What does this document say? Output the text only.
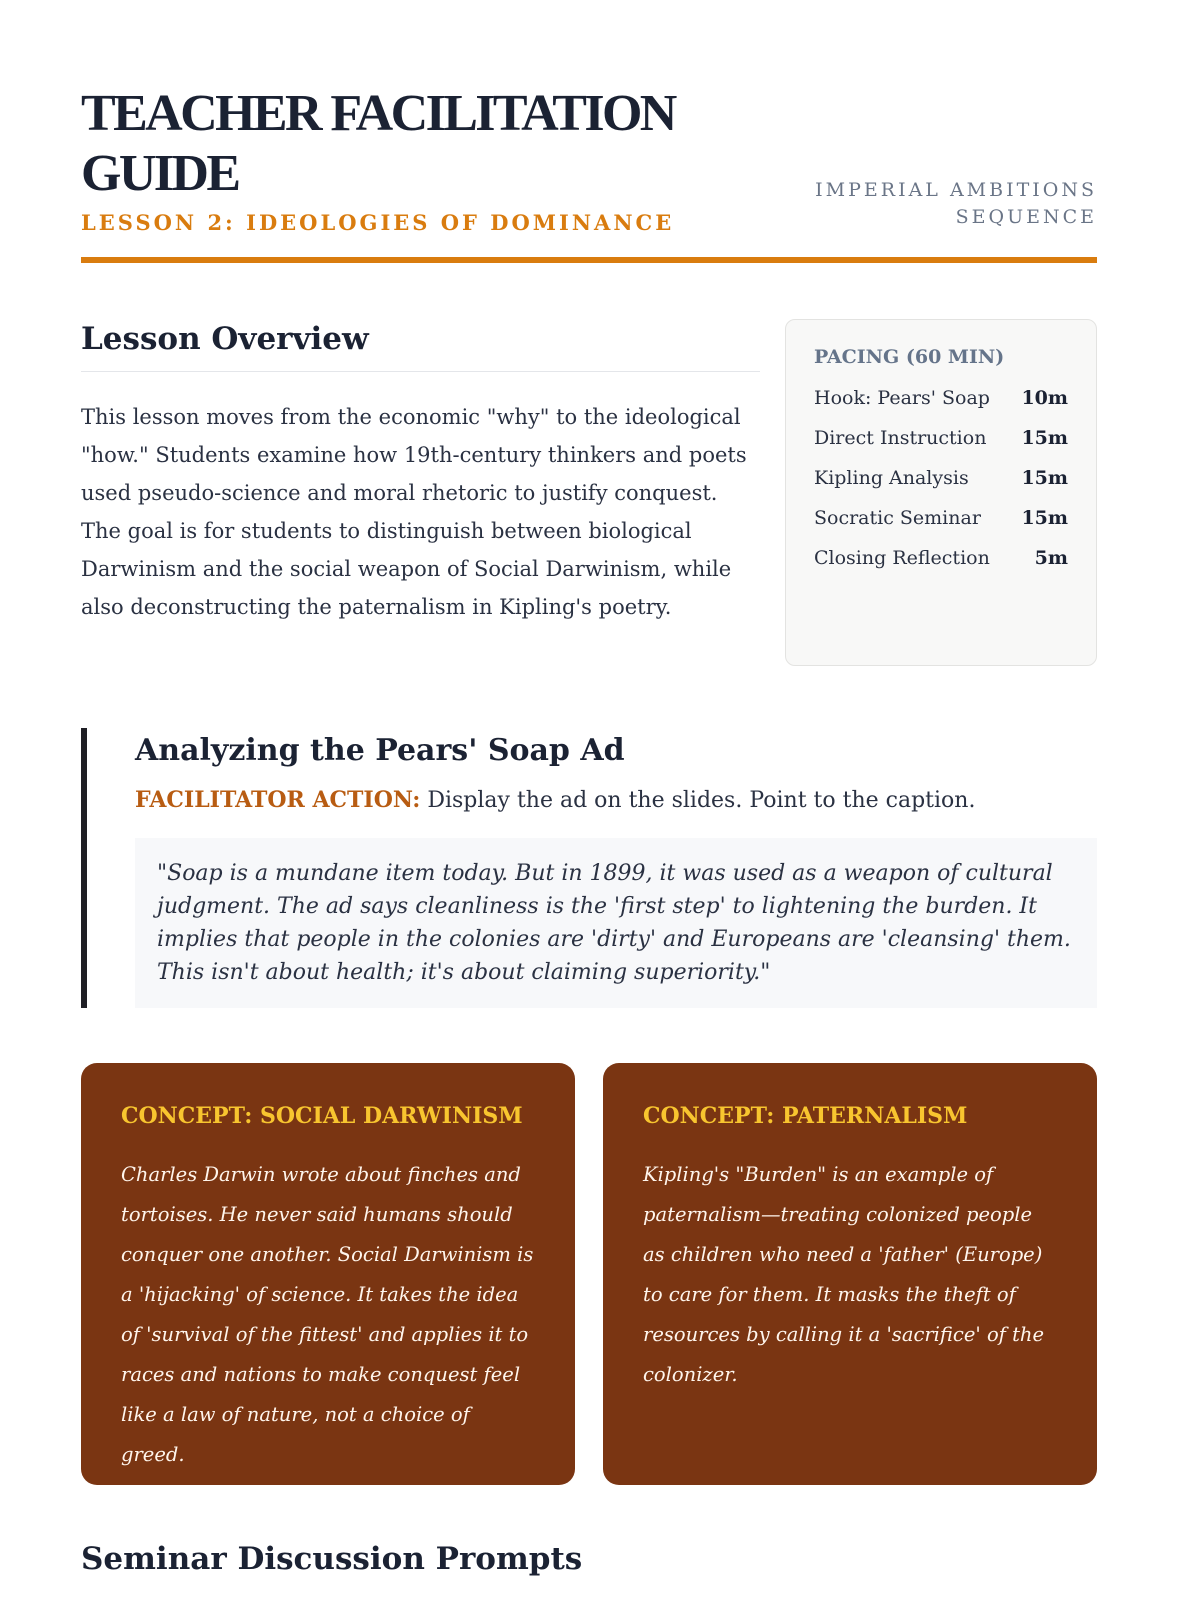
TEACHER FACILITATION GUIDE
LESSON 2: IDEOLOGIES OF DOMINANCE
IMPERIAL AMBITIONS SEQUENCE
Lesson Overview

This lesson moves from the economic "why" to the ideological "how." Students examine how 19th-century thinkers and poets used pseudo-science and moral rhetoric to justify conquest. The goal is for students to distinguish between biological Darwinism and the social weapon of Social Darwinism, while also deconstructing the paternalism in Kipling's poetry.

PACING (60 MIN)
Hook: Pears' Soap 10m
Direct Instruction 15m
Kipling Analysis	15m
Socratic Seminar 15m
Closing Reflection 5m
Analyzing the Pears' Soap Ad
FACILITATOR ACTION: Display the ad on the slides. Point to the caption.
"Soap is a mundane item today. But in 1899, it was used as a weapon of cultural judgment. The ad says cleanliness is the 'first step' to lightening the burden. It implies that people in the colonies are 'dirty' and Europeans are 'cleansing' them. This isn't about health; it's about claiming superiority."
CONCEPT: SOCIAL DARWINISM
Charles Darwin wrote about finches and tortoises. He never said humans should conquer one another. Social Darwinism is a 'hijacking' of science. It takes the idea of 'survival of the fittest' and applies it to races and nations to make conquest feel like a law of nature, not a choice of greed.
CONCEPT: PATERNALISM
Kipling's "Burden" is an example of paternalism—treating colonized people as children who need a 'father' (Europe) to care for them. It masks the theft of resources by calling it a 'sacrifice' of the colonizer.
Seminar Discussion Prompts
